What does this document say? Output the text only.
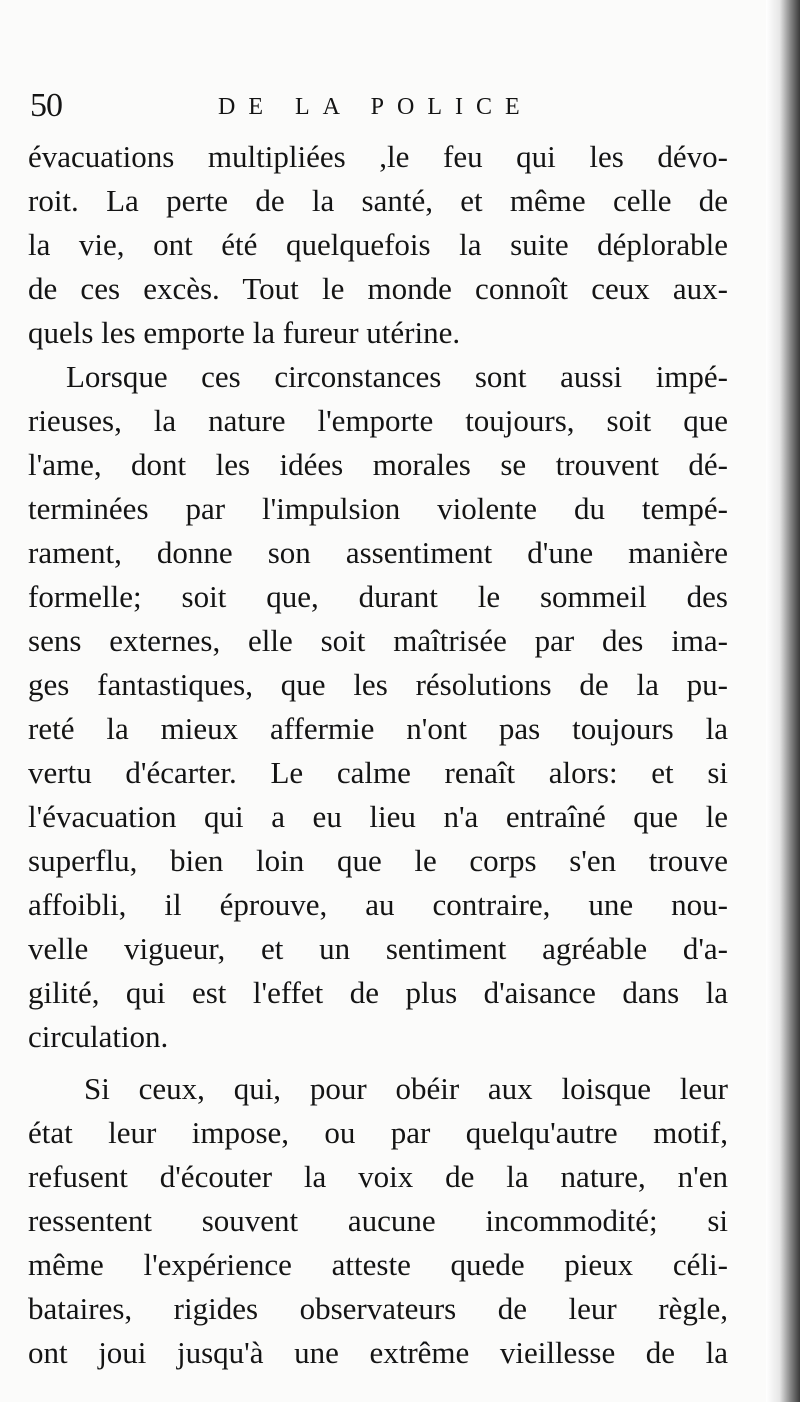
50	DE LA POLICE
évacuations multipliées ,le feu qui les dévo-
roit. La perte de la santé, et même celle de
la vie, ont été quelquefois la suite déplorable
de ces excès. Tout le monde connoît ceux aux-
quels les emporte la fureur utérine.
Lorsque ces circonstances sont aussi impé-
rieuses, la nature l'emporte toujours, soit que
l'ame, dont les idées morales se trouvent dé-
terminées par l'impulsion violente du tempé-
rament, donne son assentiment d'une manière
formelle; soit que, durant le sommeil des
sens externes, elle soit maîtrisée par des ima-
ges fantastiques, que les résolutions de la pu-
reté la mieux affermie n'ont pas toujours la
vertu d'écarter. Le calme renaît alors: et si
l'évacuation qui a eu lieu n'a entraîné que le
superflu, bien loin que le corps s'en trouve
affoibli, il éprouve, au contraire, une nou-
velle vigueur, et un sentiment agréable d'a-
gilité, qui est l'effet de plus d'aisance dans la
circulation.
Si ceux, qui, pour obéir aux loisque leur
état leur impose, ou par quelqu'autre motif,
refusent d'écouter la voix de la nature, n'en
ressentent souvent aucune incommodité; si
même l'expérience atteste quede pieux céli-
bataires, rigides observateurs de leur règle,
ont joui jusqu'à une extrême vieillesse de la
